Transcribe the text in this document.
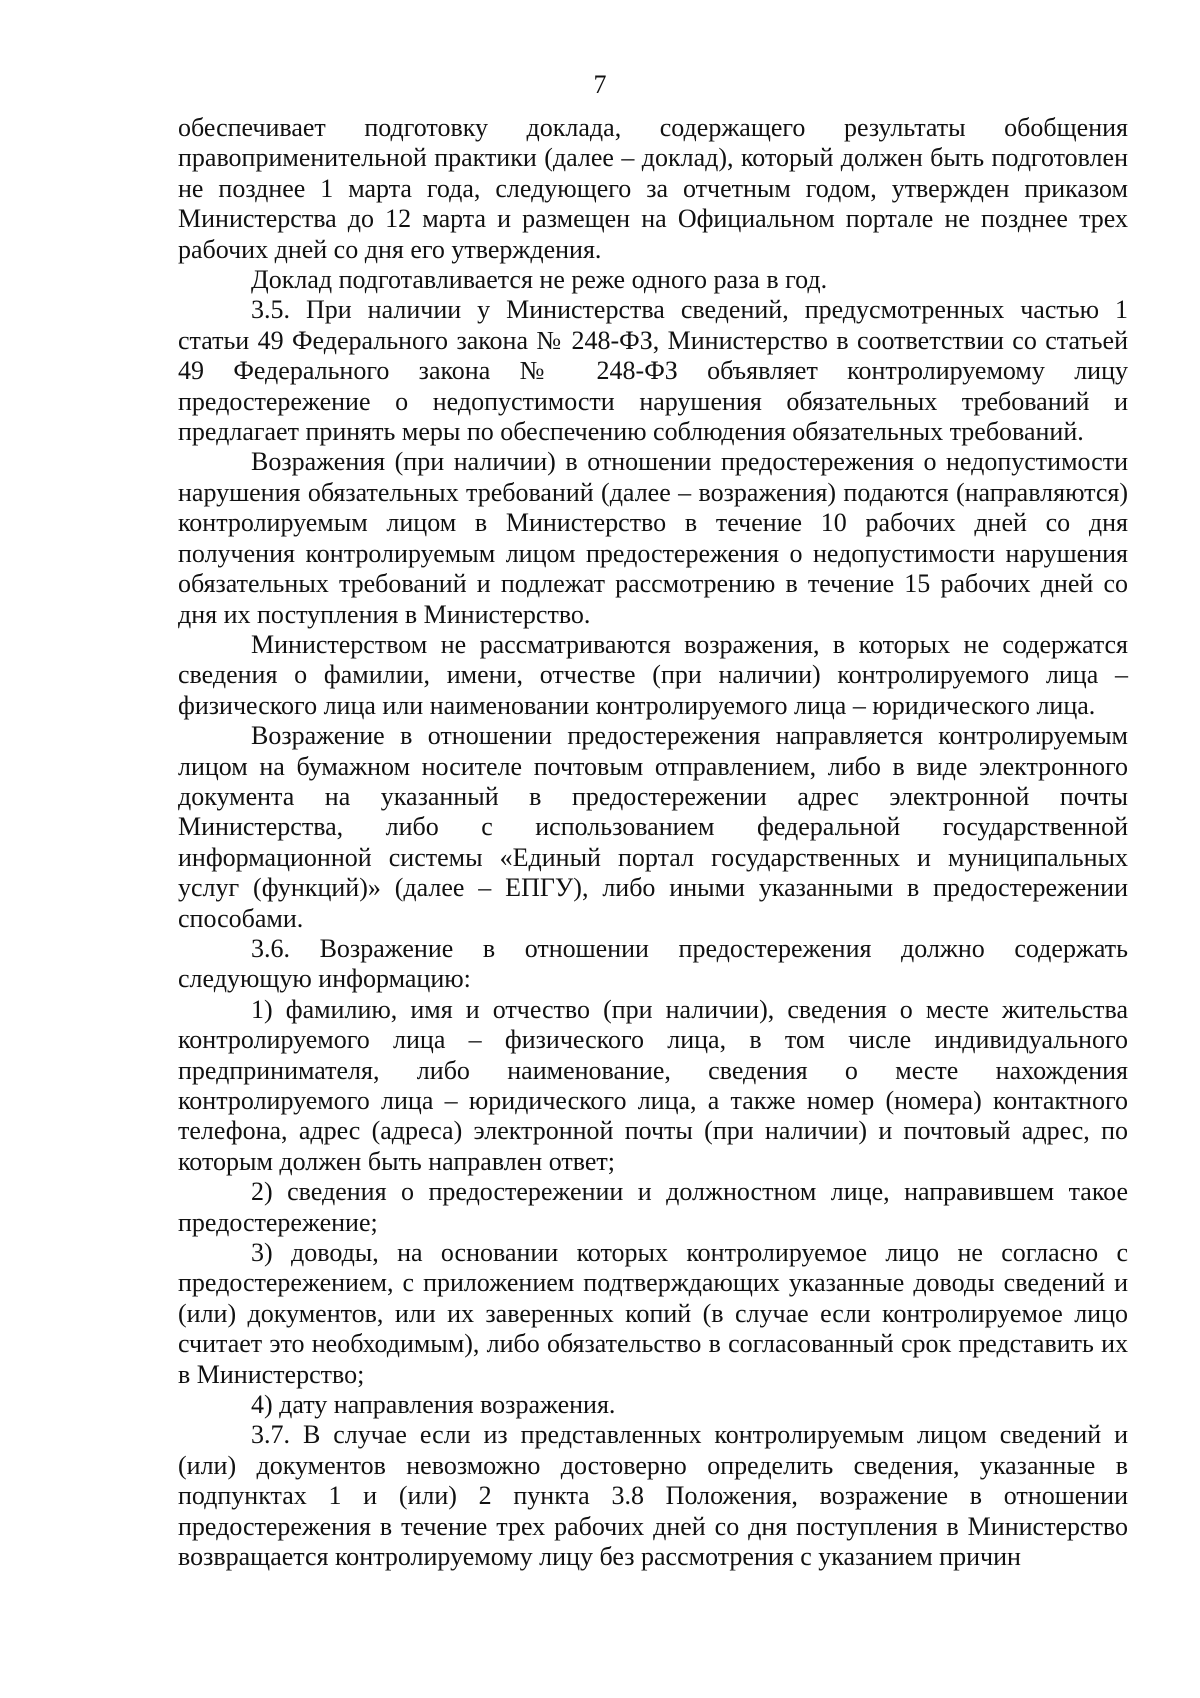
7

обеспечивает подготовку доклада, содержащего результаты обобщения правоприменительной практики (далее – доклад), который должен быть подготовлен не позднее 1 марта года, следующего за отчетным годом, утвержден приказом Министерства до 12 марта и размещен на Официальном портале не позднее трех рабочих дней со дня его утверждения.

Доклад подготавливается не реже одного раза в год.

3.5. При наличии у Министерства сведений, предусмотренных частью 1 статьи 49 Федерального закона № 248-ФЗ, Министерство в соответствии со статьей 49 Федерального закона № 248-ФЗ объявляет контролируемому лицу предостережение о недопустимости нарушения обязательных требований и предлагает принять меры по обеспечению соблюдения обязательных требований.

Возражения (при наличии) в отношении предостережения о недопустимости нарушения обязательных требований (далее – возражения) подаются (направляются) контролируемым лицом в Министерство в течение 10 рабочих дней со дня получения контролируемым лицом предостережения о недопустимости нарушения обязательных требований и подлежат рассмотрению в течение 15 рабочих дней со дня их поступления в Министерство.

Министерством не рассматриваются возражения, в которых не содержатся сведения о фамилии, имени, отчестве (при наличии) контролируемого лица – физического лица или наименовании контролируемого лица – юридического лица.

Возражение в отношении предостережения направляется контролируемым лицом на бумажном носителе почтовым отправлением, либо в виде электронного документа на указанный в предостережении адрес электронной почты Министерства, либо с использованием федеральной государственной информационной системы «Единый портал государственных и муниципальных услуг (функций)» (далее – ЕПГУ), либо иными указанными в предостережении способами.

3.6. Возражение в отношении предостережения должно содержать следующую информацию:

1) фамилию, имя и отчество (при наличии), сведения о месте жительства контролируемого лица – физического лица, в том числе индивидуального предпринимателя, либо наименование, сведения о месте нахождения контролируемого лица – юридического лица, а также номер (номера) контактного телефона, адрес (адреса) электронной почты (при наличии) и почтовый адрес, по которым должен быть направлен ответ;

2) сведения о предостережении и должностном лице, направившем такое предостережение;

3) доводы, на основании которых контролируемое лицо не согласно с предостережением, с приложением подтверждающих указанные доводы сведений и (или) документов, или их заверенных копий (в случае если контролируемое лицо считает это необходимым), либо обязательство в согласованный срок представить их в Министерство;

4) дату направления возражения.

3.7. В случае если из представленных контролируемым лицом сведений и (или) документов невозможно достоверно определить сведения, указанные в подпунктах 1 и (или) 2 пункта 3.8 Положения, возражение в отношении предостережения в течение трех рабочих дней со дня поступления в Министерство возвращается контролируемому лицу без рассмотрения с указанием причин
